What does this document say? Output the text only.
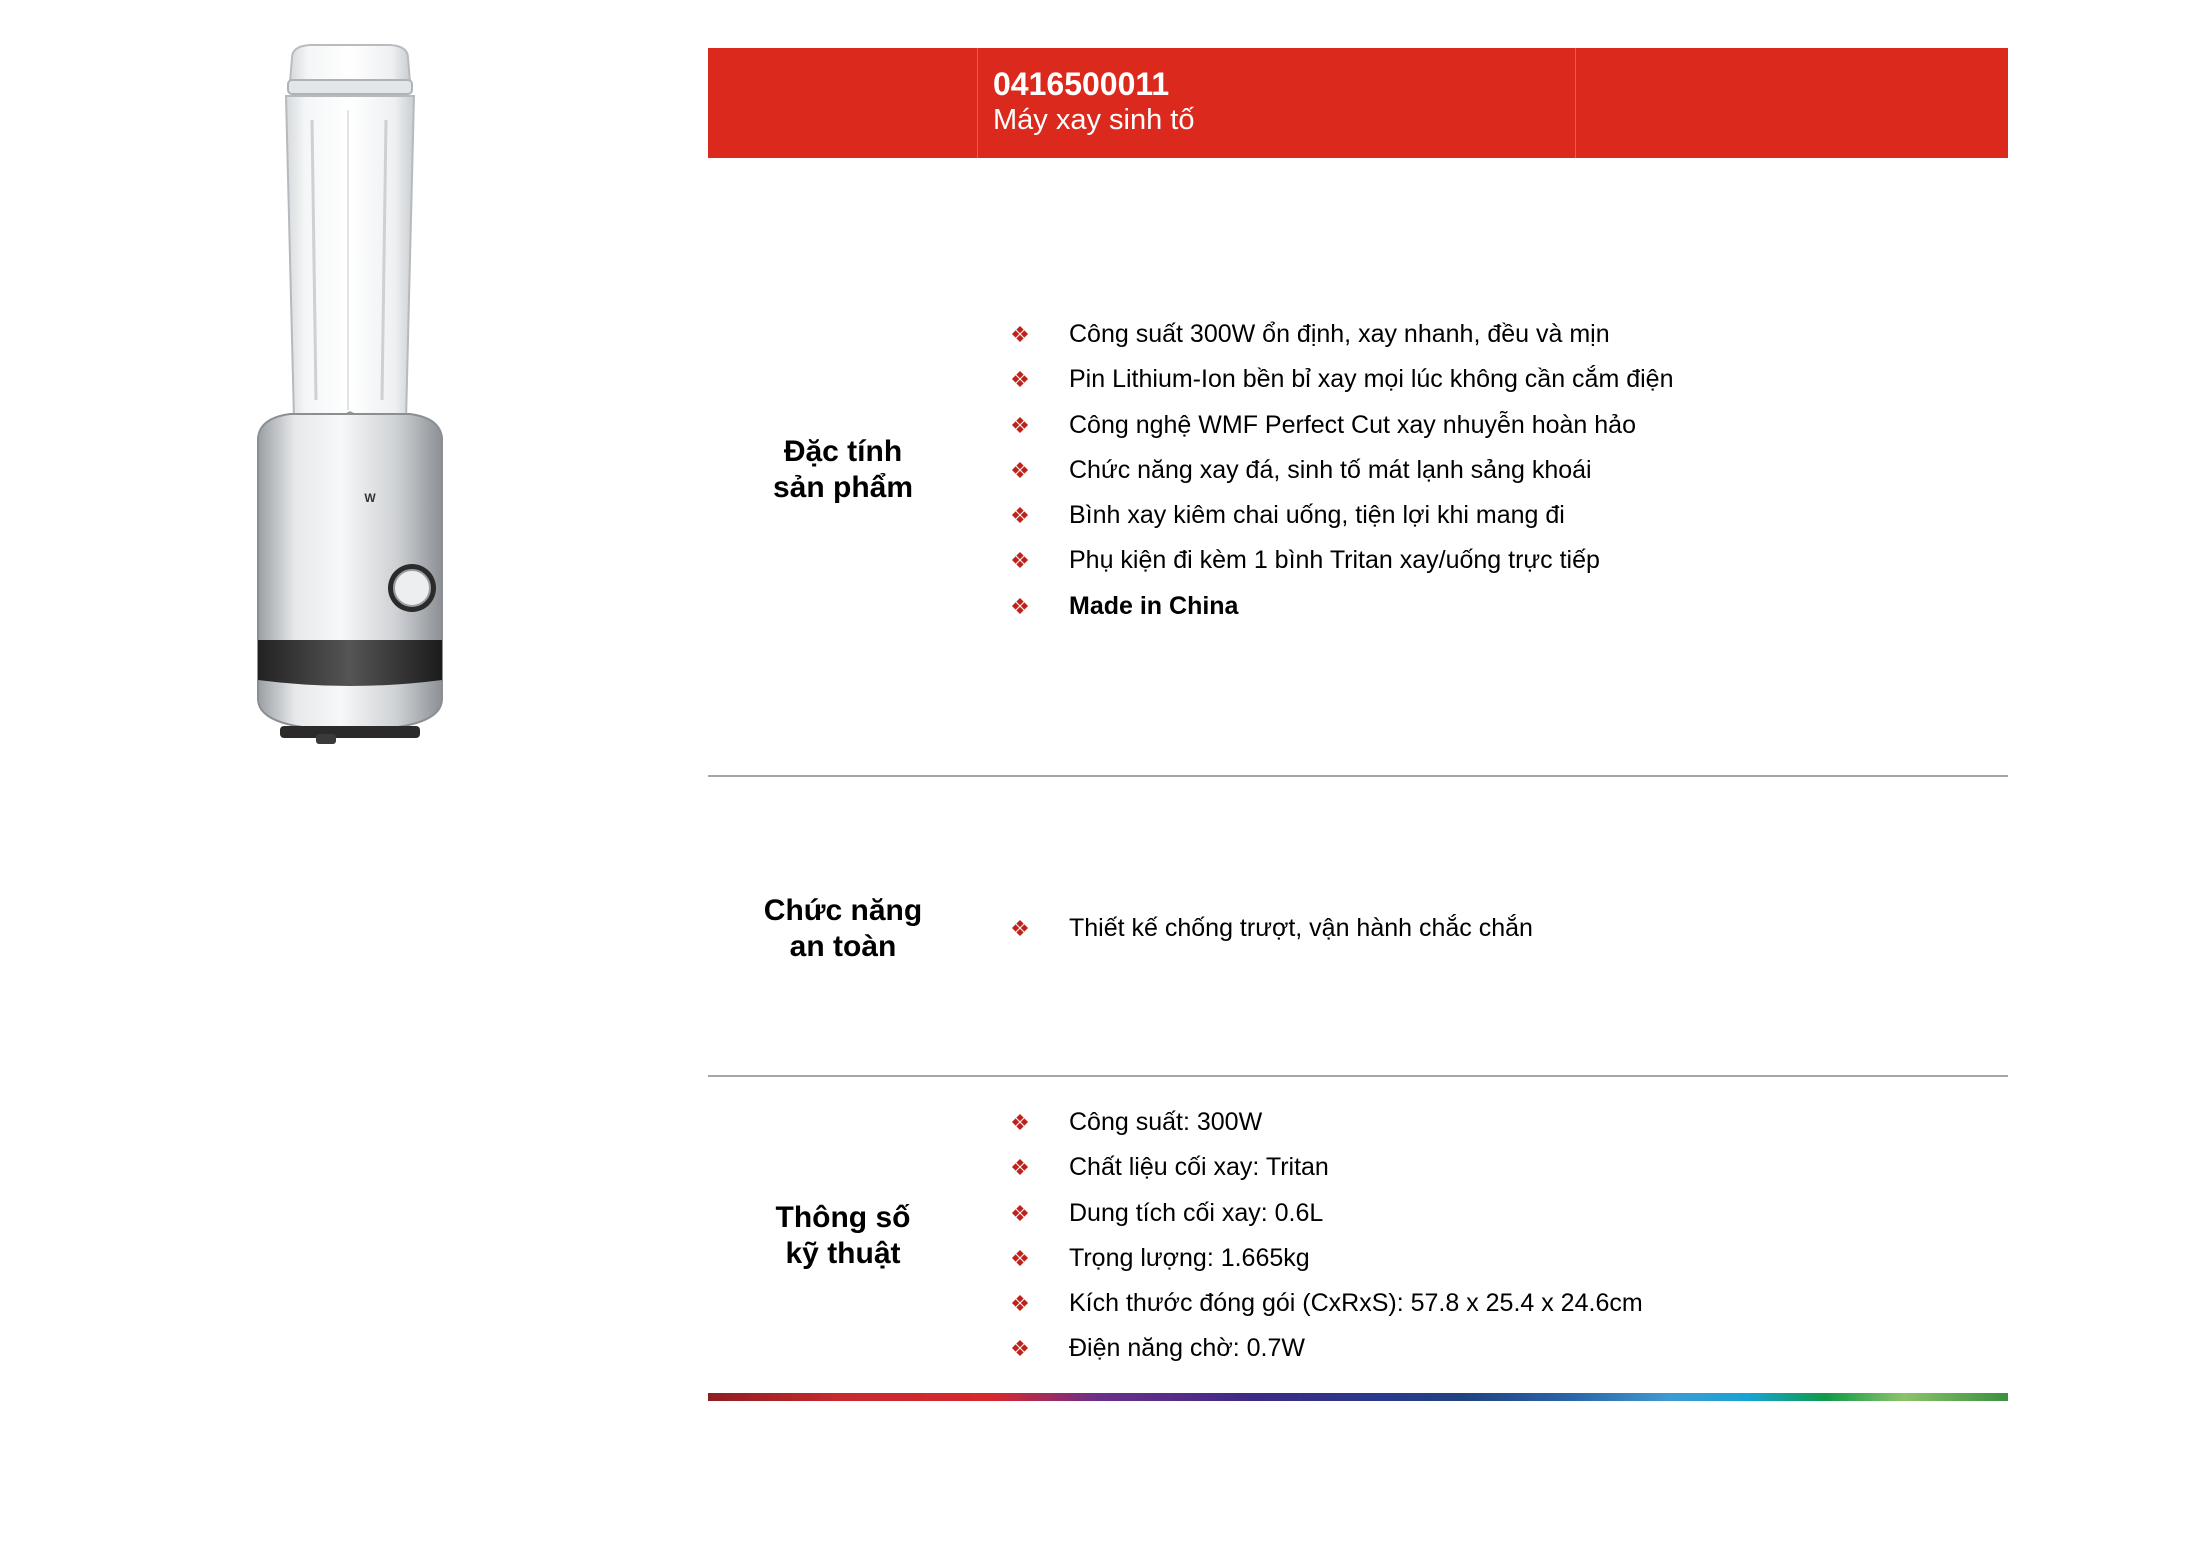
W
0416500011
Máy xay sinh tố
Đặc tính
sản phẩm
❖ Công suất 300W ổn định, xay nhanh, đều và mịn
❖ Pin Lithium-Ion bền bỉ xay mọi lúc không cần cắm điện
❖ Công nghệ WMF Perfect Cut xay nhuyễn hoàn hảo
❖ Chức năng xay đá, sinh tố mát lạnh sảng khoái
❖ Bình xay kiêm chai uống, tiện lợi khi mang đi
❖ Phụ kiện đi kèm 1 bình Tritan xay/uống trực tiếp
❖ Made in China
Chức năng
an toàn
❖ Thiết kế chống trượt, vận hành chắc chắn
Thông số
kỹ thuật
❖ Công suất: 300W
❖ Chất liệu cối xay: Tritan
❖ Dung tích cối xay: 0.6L
❖ Trọng lượng: 1.665kg
❖ Kích thước đóng gói (CxRxS): 57.8 x 25.4 x 24.6cm
❖ Điện năng chờ: 0.7W
